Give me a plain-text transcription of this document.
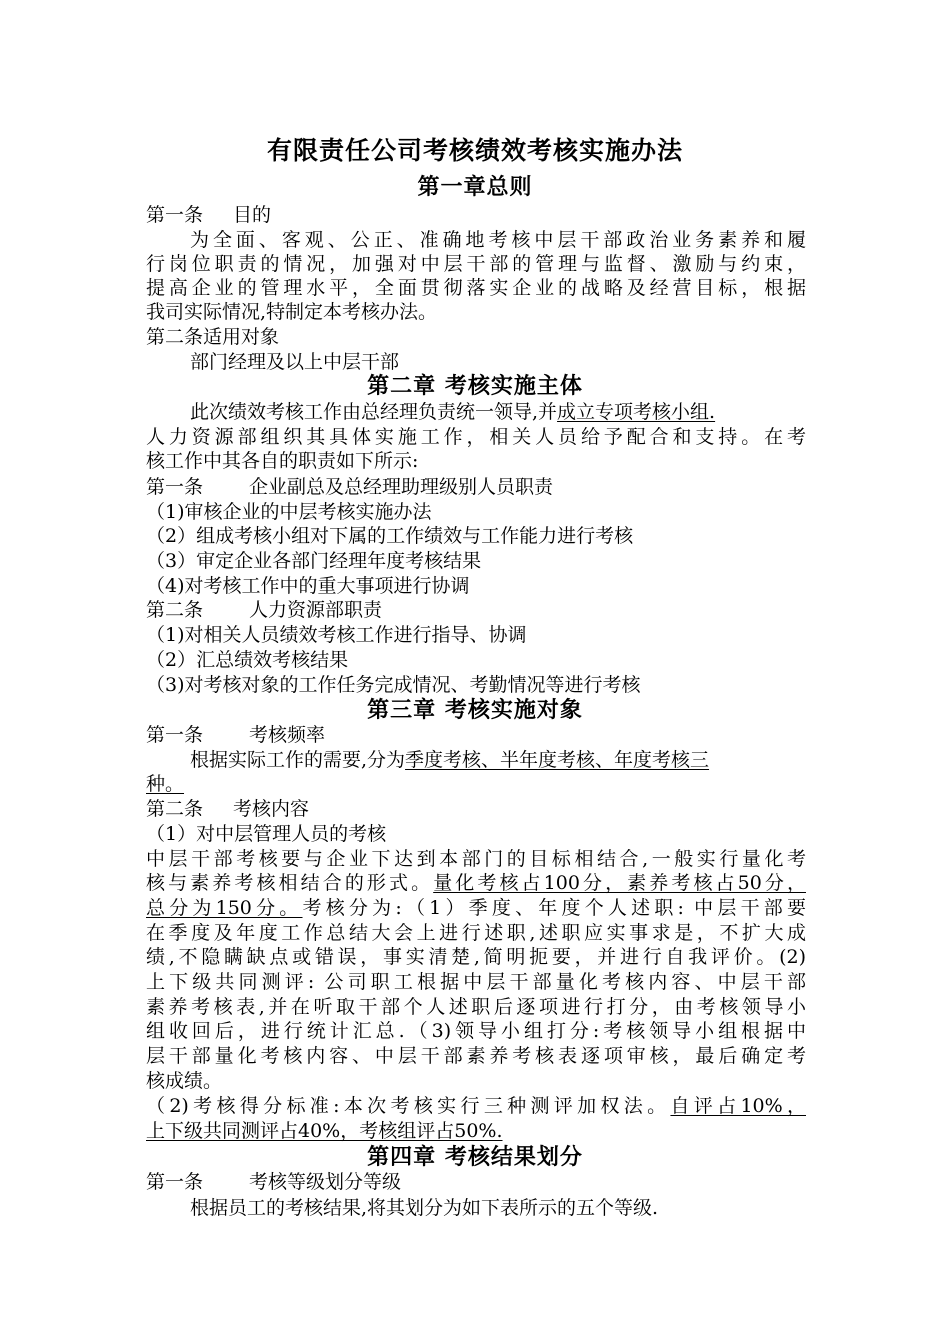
有限责任公司考核绩效考核实施办法
第一章总则
第一条 目的
为全面、客观、公正、准确地考核中层干部政治业务素养和履
行岗位职责的情况，加强对中层干部的管理与监督、激励与约束，
提高企业的管理水平，全面贯彻落实企业的战略及经营目标，根据
我司实际情况,特制定本考核办法。
第二条适用对象
部门经理及以上中层干部
第二章 考核实施主体
此次绩效考核工作由总经理负责统一领导,并成立专项考核小组.
人力资源部组织其具体实施工作，相关人员给予配合和支持。在考
核工作中其各自的职责如下所示:
第一条 企业副总及总经理助理级别人员职责
（1)审核企业的中层考核实施办法
（2）组成考核小组对下属的工作绩效与工作能力进行考核
（3）审定企业各部门经理年度考核结果
（4)对考核工作中的重大事项进行协调
第二条 人力资源部职责
（1)对相关人员绩效考核工作进行指导、协调
（2）汇总绩效考核结果
（3)对考核对象的工作任务完成情况、考勤情况等进行考核
第三章 考核实施对象
第一条 考核频率
根据实际工作的需要,分为季度考核、半年度考核、年度考核三
种。
第二条 考核内容
（1）对中层管理人员的考核
中层干部考核要与企业下达到本部门的目标相结合,一般实行量化考
核与素养考核相结合的形式。量化考核占100分，素养考核占50分，
总分为150分。考核分为:（1）季度、年度个人述职: 中层干部要
在季度及年度工作总结大会上进行述职,述职应实事求是，不扩大成
绩,不隐瞒缺点或错误，事实清楚,简明扼要，并进行自我评价。(2)
上下级共同测评: 公司职工根据中层干部量化考核内容、中层干部
素养考核表,并在听取干部个人述职后逐项进行打分，由考核领导小
组收回后，进行统计汇总.（3)领导小组打分:考核领导小组根据中
层干部量化考核内容、中层干部素养考核表逐项审核，最后确定考
核成绩。
（2)考核得分标准:本次考核实行三种测评加权法。自评占10%，
上下级共同测评占40%，考核组评占50%.
第四章 考核结果划分
第一条 考核等级划分等级
根据员工的考核结果,将其划分为如下表所示的五个等级.
